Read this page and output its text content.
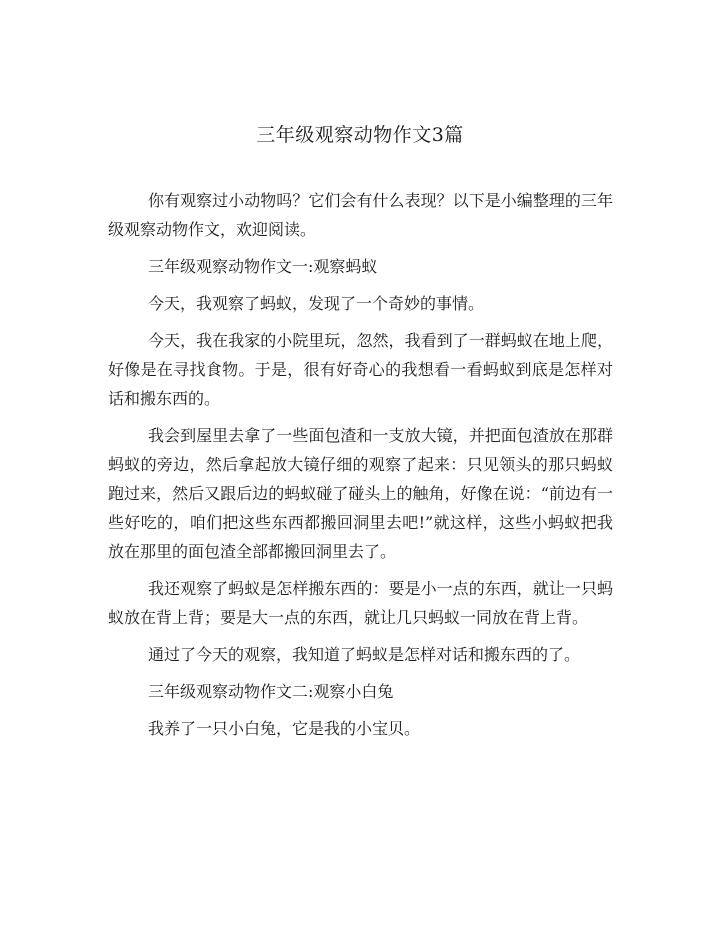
三年级观察动物作文3篇

你有观察过小动物吗？它们会有什么表现？以下是小编整理的三年级观察动物作文，欢迎阅读。

三年级观察动物作文一:观察蚂蚁

今天，我观察了蚂蚁，发现了一个奇妙的事情。

今天，我在我家的小院里玩，忽然，我看到了一群蚂蚁在地上爬，好像是在寻找食物。于是，很有好奇心的我想看一看蚂蚁到底是怎样对话和搬东西的。

我会到屋里去拿了一些面包渣和一支放大镜，并把面包渣放在那群蚂蚁的旁边，然后拿起放大镜仔细的观察了起来：只见领头的那只蚂蚁跑过来，然后又跟后边的蚂蚁碰了碰头上的触角，好像在说：“前边有一些好吃的，咱们把这些东西都搬回洞里去吧!”就这样，这些小蚂蚁把我放在那里的面包渣全部都搬回洞里去了。

我还观察了蚂蚁是怎样搬东西的：要是小一点的东西，就让一只蚂蚁放在背上背；要是大一点的东西，就让几只蚂蚁一同放在背上背。

通过了今天的观察，我知道了蚂蚁是怎样对话和搬东西的了。

三年级观察动物作文二:观察小白兔

我养了一只小白兔，它是我的小宝贝。
